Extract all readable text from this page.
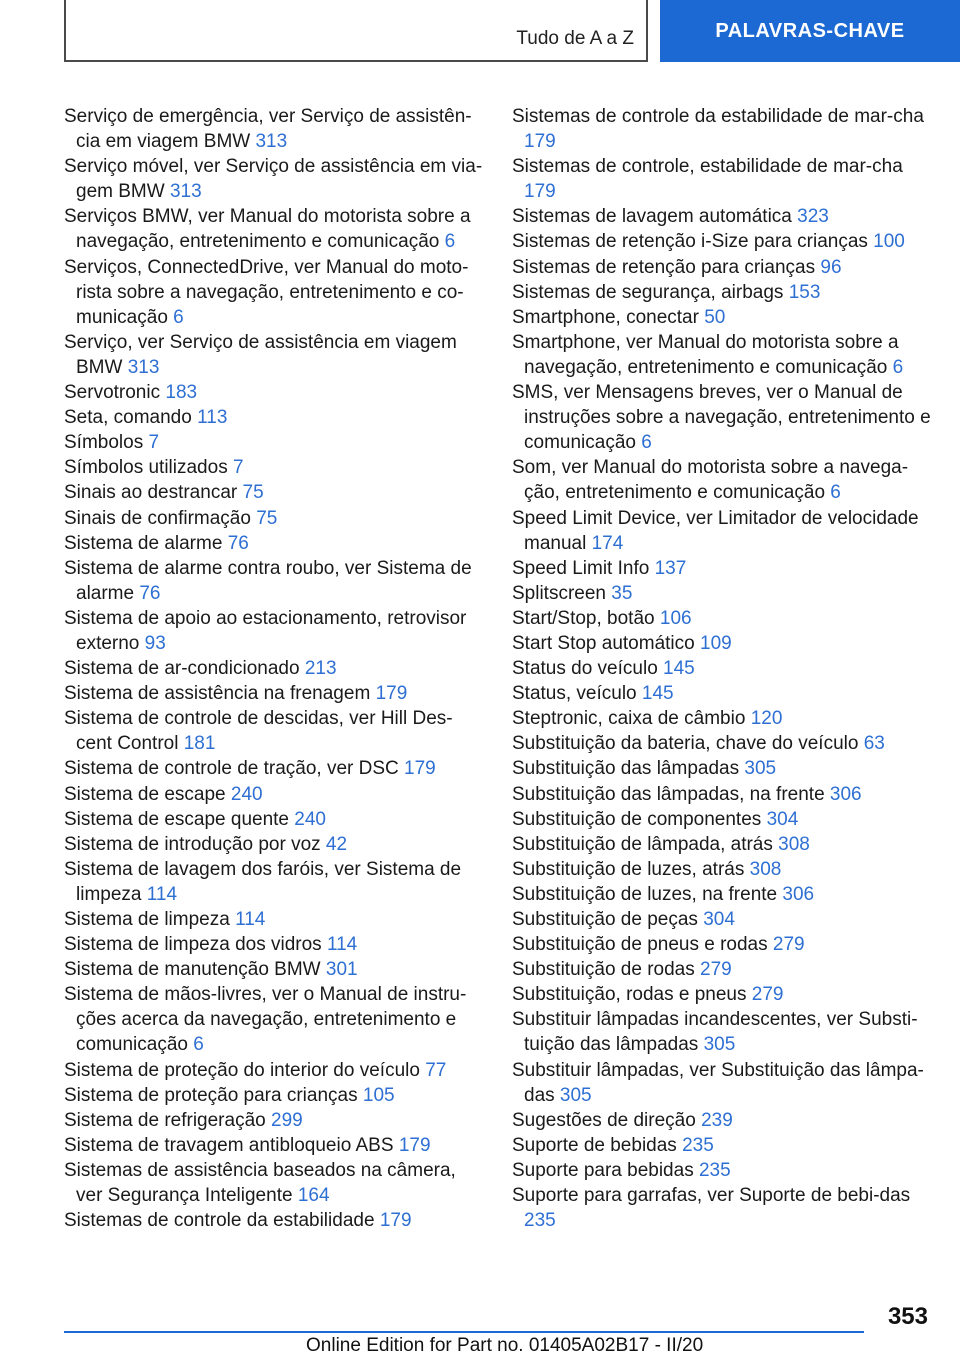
Tudo de A a Z	PALAVRAS-CHAVE
Serviço de emergência, ver Serviço de assistên-cia em viagem BMW 313
Serviço móvel, ver Serviço de assistência em via-gem BMW 313
Serviços BMW, ver Manual do motorista sobre a navegação, entretenimento e comunicação 6
Serviços, ConnectedDrive, ver Manual do moto-rista sobre a navegação, entretenimento e co-municação 6
Serviço, ver Serviço de assistência em viagem BMW 313
Servotronic 183
Seta, comando 113
Símbolos 7
Símbolos utilizados 7
Sinais ao destrancar 75
Sinais de confirmação 75
Sistema de alarme 76
Sistema de alarme contra roubo, ver Sistema de alarme 76
Sistema de apoio ao estacionamento, retrovisor externo 93
Sistema de ar-condicionado 213
Sistema de assistência na frenagem 179
Sistema de controle de descidas, ver Hill Des-cent Control 181
Sistema de controle de tração, ver DSC 179
Sistema de escape 240
Sistema de escape quente 240
Sistema de introdução por voz 42
Sistema de lavagem dos faróis, ver Sistema de limpeza 114
Sistema de limpeza 114
Sistema de limpeza dos vidros 114
Sistema de manutenção BMW 301
Sistema de mãos-livres, ver o Manual de instru-ções acerca da navegação, entretenimento e comunicação 6
Sistema de proteção do interior do veículo 77
Sistema de proteção para crianças 105
Sistema de refrigeração 299
Sistema de travagem antibloqueio ABS 179
Sistemas de assistência baseados na câmera, ver Segurança Inteligente 164
Sistemas de controle da estabilidade 179
Sistemas de controle da estabilidade de mar-cha 179
Sistemas de controle, estabilidade de mar-cha 179
Sistemas de lavagem automática 323
Sistemas de retenção i-Size para crianças 100
Sistemas de retenção para crianças 96
Sistemas de segurança, airbags 153
Smartphone, conectar 50
Smartphone, ver Manual do motorista sobre a navegação, entretenimento e comunicação 6
SMS, ver Mensagens breves, ver o Manual de instruções sobre a navegação, entretenimento e comunicação 6
Som, ver Manual do motorista sobre a navega-ção, entretenimento e comunicação 6
Speed Limit Device, ver Limitador de velocidade manual 174
Speed Limit Info 137
Splitscreen 35
Start/Stop, botão 106
Start Stop automático 109
Status do veículo 145
Status, veículo 145
Steptronic, caixa de câmbio 120
Substituição da bateria, chave do veículo 63
Substituição das lâmpadas 305
Substituição das lâmpadas, na frente 306
Substituição de componentes 304
Substituição de lâmpada, atrás 308
Substituição de luzes, atrás 308
Substituição de luzes, na frente 306
Substituição de peças 304
Substituição de pneus e rodas 279
Substituição de rodas 279
Substituição, rodas e pneus 279
Substituir lâmpadas incandescentes, ver Substi-tuição das lâmpadas 305
Substituir lâmpadas, ver Substituição das lâmpa-das 305
Sugestões de direção 239
Suporte de bebidas 235
Suporte para bebidas 235
Suporte para garrafas, ver Suporte de bebi-das 235
353
Online Edition for Part no. 01405A02B17 - II/20
